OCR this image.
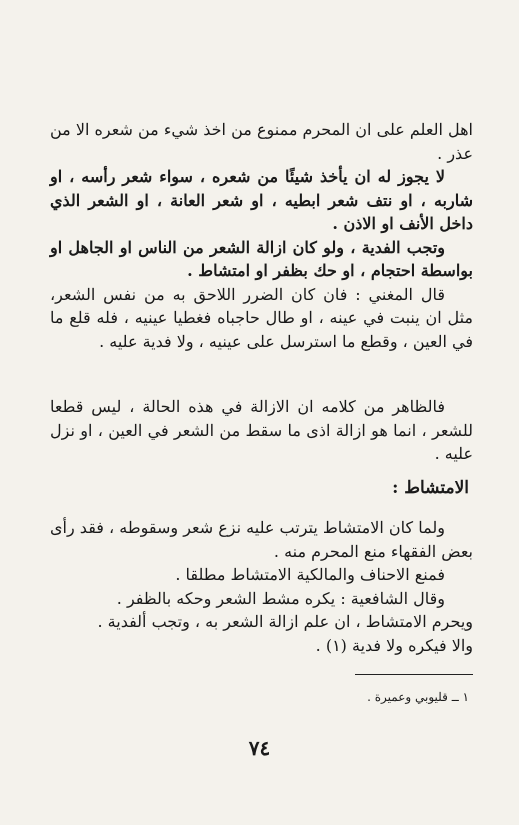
اهل العلم على ان المحرم ممنوع من اخذ شيء من شعره الا من عذر .

لا يجوز له ان يأخذ شيئًا من شعره ، سواء شعر رأسه ، او شاربه ، او نتف شعر ابطيه ، او شعر العانة ، او الشعر الذي داخل الأنف او الاذن .

وتجب الفدية ، ولو كان ازالة الشعر من الناس او الجاهل او بواسطة احتجام ، او حك بظفر او امتشاط .

قال المغني : فان كان الضرر اللاحق به من نفس الشعر، مثل ان ينبت في عينه ، او طال حاجباه فغطيا عينيه ، فله قلع ما في العين ، وقطع ما استرسل على عينيه ، ولا فدية عليه .

فالظاهر من كلامه ان الازالة في هذه الحالة ، ليس قطعا للشعر ، انما هو ازالة اذى ما سقط من الشعر في العين ، او نزل عليه .

الامتشاط :

ولما كان الامتشاط يترتب عليه نزع شعر وسقوطه ، فقد رأى بعض الفقهاء منع المحرم منه .

فمنع الاحناف والمالكية الامتشاط مطلقا .

وقال الشافعية : يكره مشط الشعر وحكه بالظفر .

ويحرم الامتشاط ، ان علم ازالة الشعر به ، وتجب ألفدية .

والا فيكره ولا فدية (١) .

١ ــ قليوبي وعميرة .
٧٤
